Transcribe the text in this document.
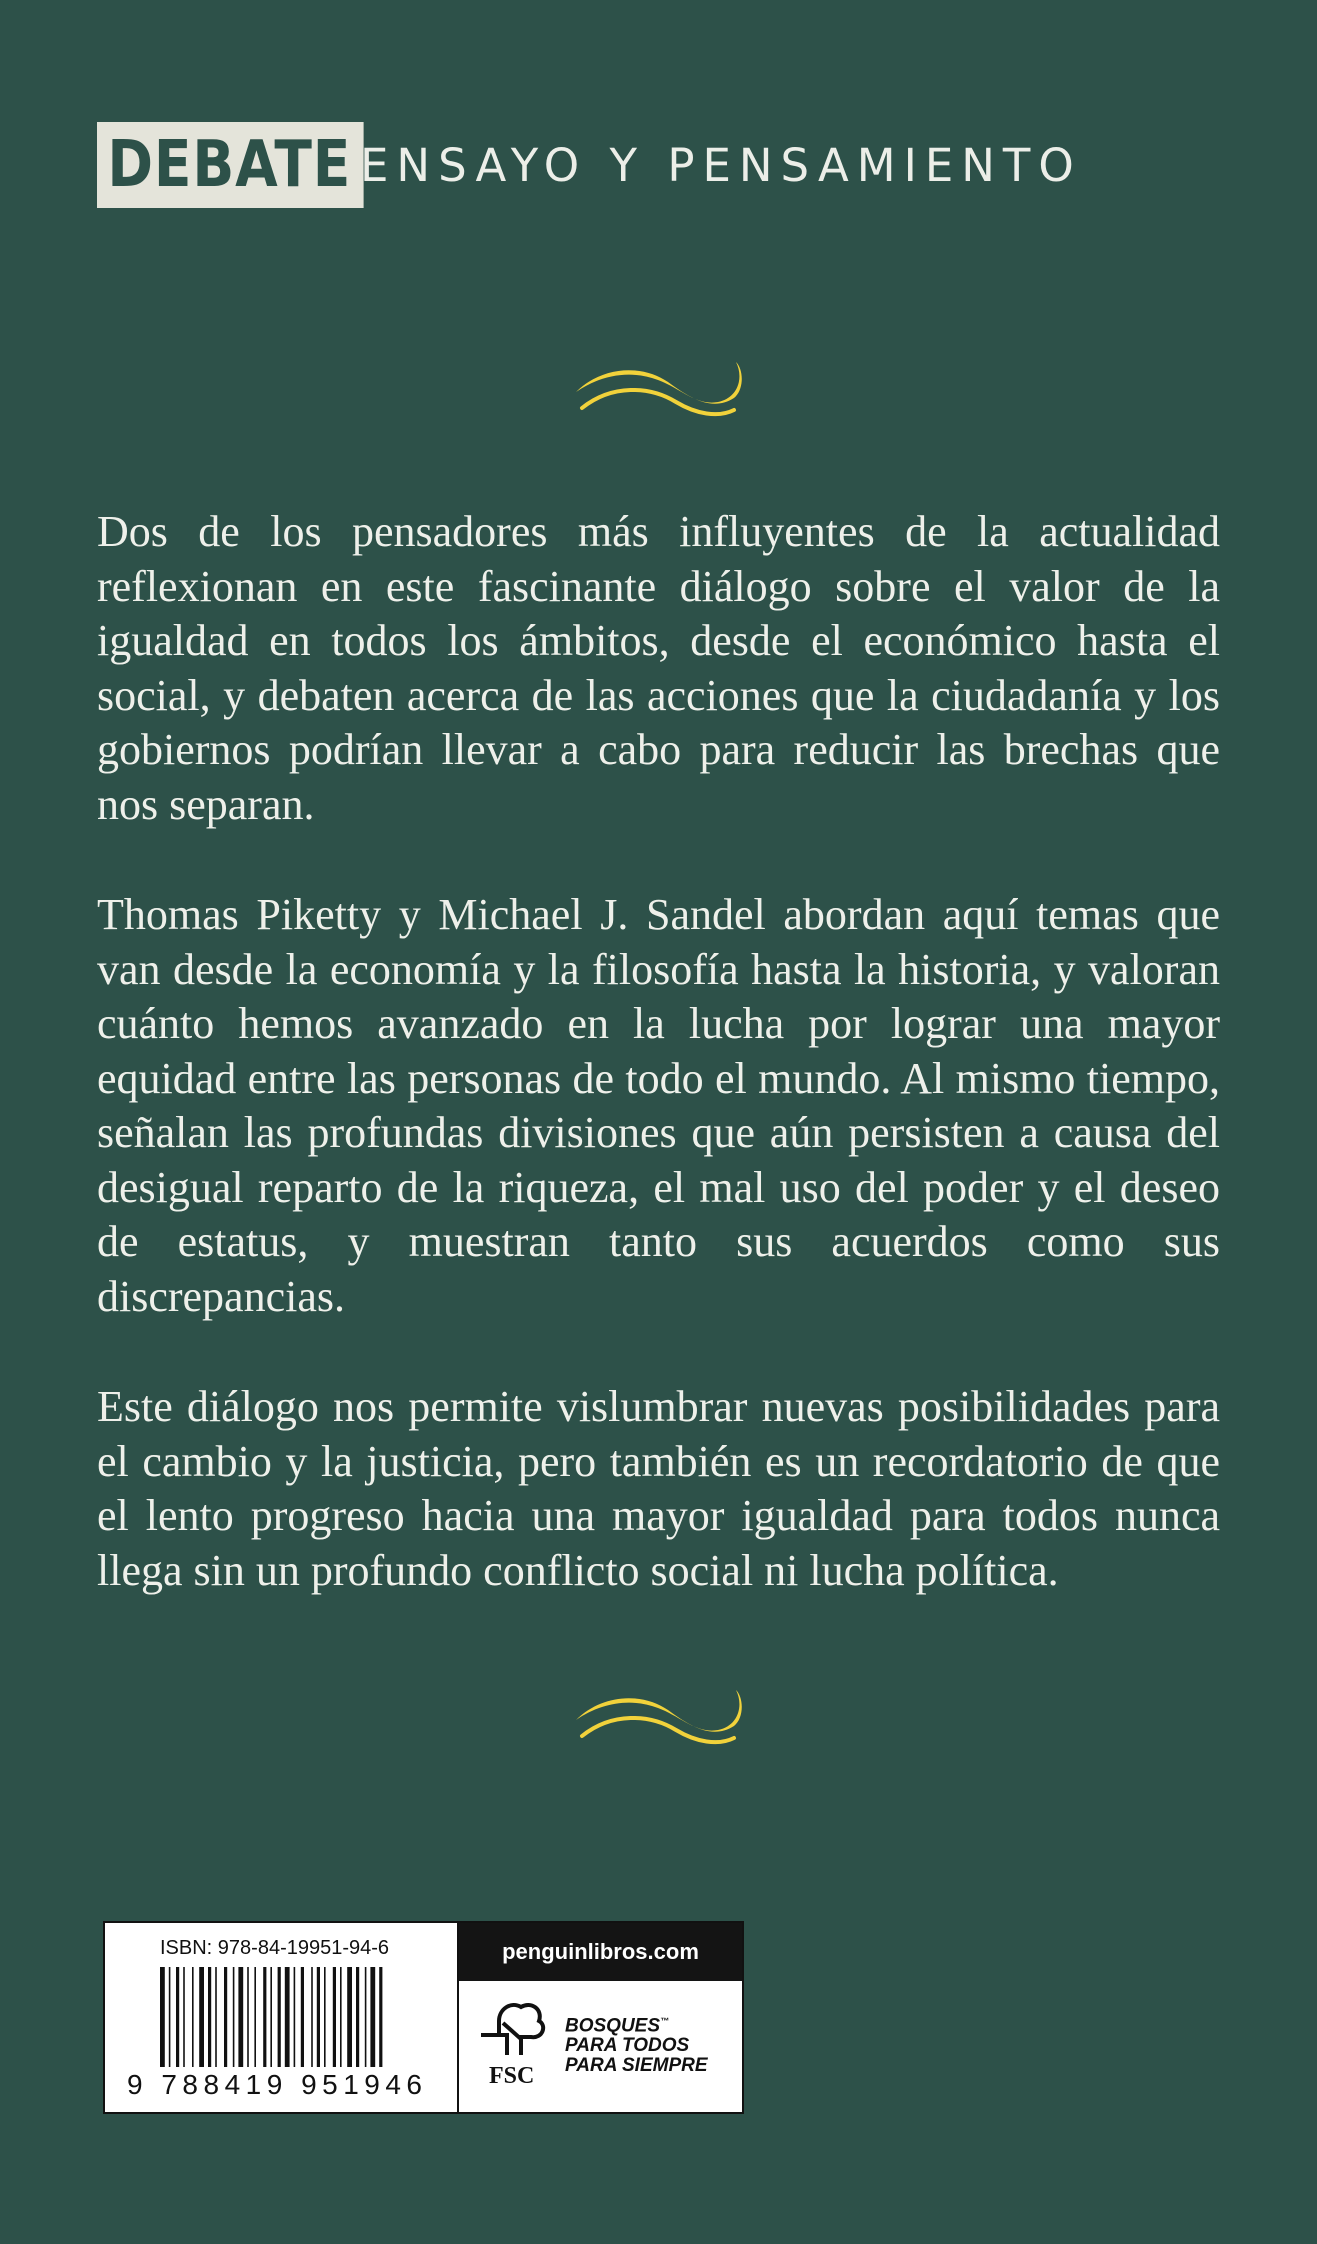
DEBATE ENSAYO Y PENSAMIENTO

Dos de los pensadores más influyentes de la actualidad reflexionan en este fascinante diálogo sobre el valor de la igualdad en todos los ámbitos, desde el económico hasta el social, y debaten acerca de las acciones que la ciudadanía y los gobiernos podrían llevar a cabo para reducir las brechas que nos separan.

Thomas Piketty y Michael J. Sandel abordan aquí temas que van desde la economía y la filosofía hasta la historia, y valoran cuánto hemos avanzado en la lucha por lograr una mayor equidad entre las personas de todo el mundo. Al mismo tiempo, señalan las profundas divisiones que aún persisten a causa del desigual reparto de la riqueza, el mal uso del poder y el deseo de estatus, y muestran tanto sus acuerdos como sus discrepancias.

Este diálogo nos permite vislumbrar nuevas posibilidades para el cambio y la justicia, pero también es un recordatorio de que el lento progreso hacia una mayor igualdad para todos nunca llega sin un profundo conflicto social ni lucha política.

ISBN: 978-84-19951-94-6
9 788419 951946
penguinlibros.com
FSC
BOSQUES™
PARA TODOS
PARA SIEMPRE
